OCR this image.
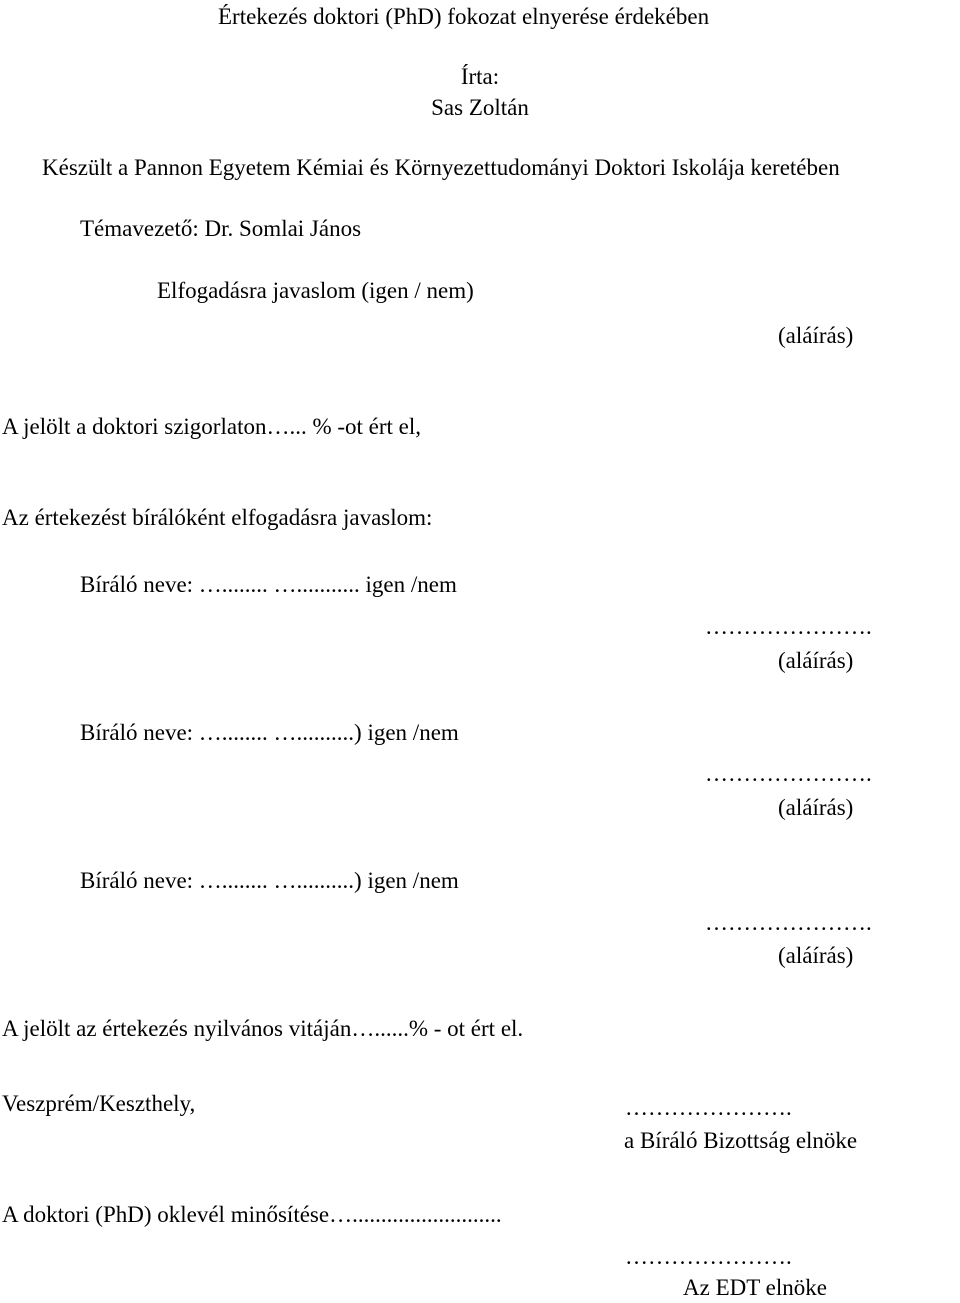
Értekezés doktori (PhD) fokozat elnyerése érdekében
Írta:
Sas Zoltán
Készült a Pannon Egyetem Kémiai és Környezettudományi Doktori Iskolája keretében
Témavezető: Dr. Somlai János
Elfogadásra javaslom (igen / nem)
(aláírás)
A jelölt a doktori szigorlaton…... % -ot ért el,
Az értekezést bírálóként elfogadásra javaslom:
Bíráló neve: …........ …........... igen /nem
………………….
(aláírás)
Bíráló neve: …........ …..........) igen /nem
………………….
(aláírás)
Bíráló neve: …........ …..........) igen /nem
………………….
(aláírás)
A jelölt az értekezés nyilvános vitáján…......% - ot ért el.
Veszprém/Keszthely,	………………….
a Bíráló Bizottság elnöke
A doktori (PhD) oklevél minősítése…..........................
………………….
Az EDT elnöke
